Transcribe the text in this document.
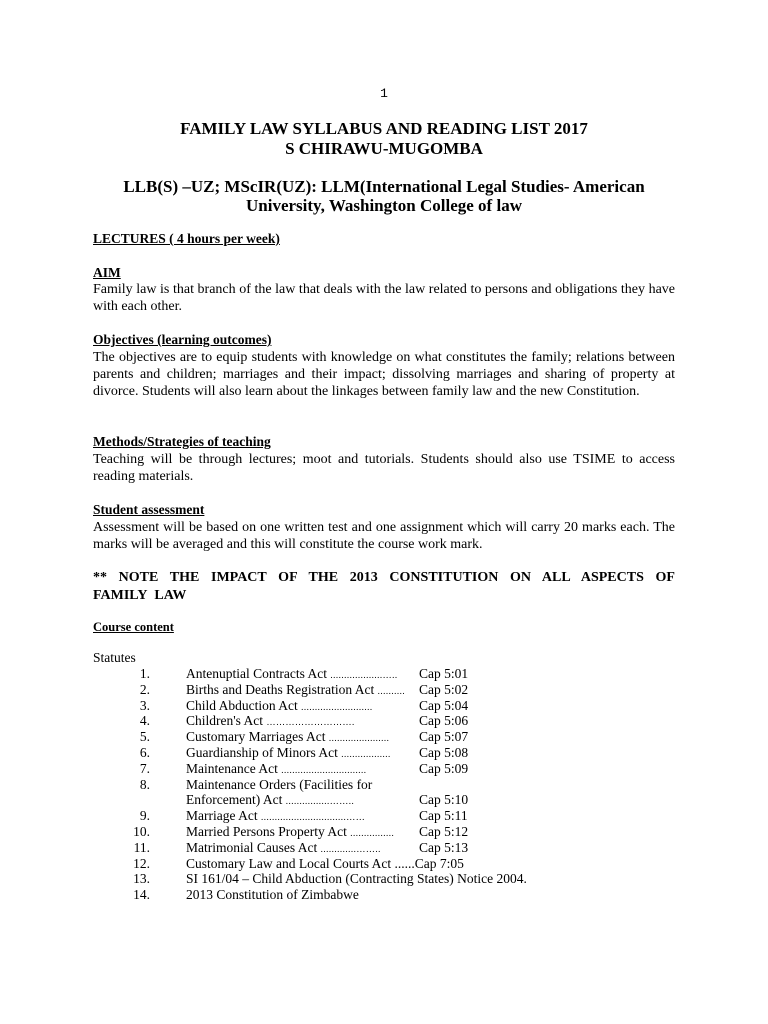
1
FAMILY LAW SYLLABUS AND READING LIST 2017
S CHIRAWU-MUGOMBA
LLB(S) –UZ; MScIR(UZ): LLM(International Legal Studies- American
University, Washington College of law
LECTURES ( 4 hours per week)
AIM
Family law is that branch of the law that deals with the law related to persons and obligations they have with each other.
Objectives (learning outcomes)
The objectives are to equip students with knowledge on what constitutes the family; relations between parents and children; marriages and their impact; dissolving marriages and sharing of property at divorce. Students will also learn about the linkages between family law and the new Constitution.
Methods/Strategies of teaching
Teaching will be through lectures; moot and tutorials. Students should also use TSIME to access reading materials.
Student assessment
Assessment will be based on one written test and one assignment which will carry 20 marks each. The marks will be averaged and this will constitute the course work mark.
** NOTE THE IMPACT OF THE 2013 CONSTITUTION ON ALL ASPECTS OF FAMILY LAW
Course content
Statutes
1.	Antenuptial Contracts Act ...................….. Cap 5:01
2.	Births and Deaths Registration Act .......... Cap 5:02
3.	Child Abduction Act ..........................	Cap 5:04
4.	Children's Act ……………………….	Cap 5:06
5.	Customary Marriages Act ...................... Cap 5:07
6.	Guardianship of Minors Act .................. Cap 5:08
7.	Maintenance Act ...............................	Cap 5:09
8.	Maintenance Orders (Facilities for
Enforcement) Act ................……..	Cap 5:10
9.	Marriage Act ...............................……	Cap 5:11
10.	Married Persons Property Act ................ Cap 5:12
11.	Matrimonial Causes Act .............……..	Cap 5:13
12.	Customary Law and Local Courts Act ......Cap 7:05
13.	SI 161/04 – Child Abduction (Contracting States) Notice 2004.
14.	2013 Constitution of Zimbabwe
